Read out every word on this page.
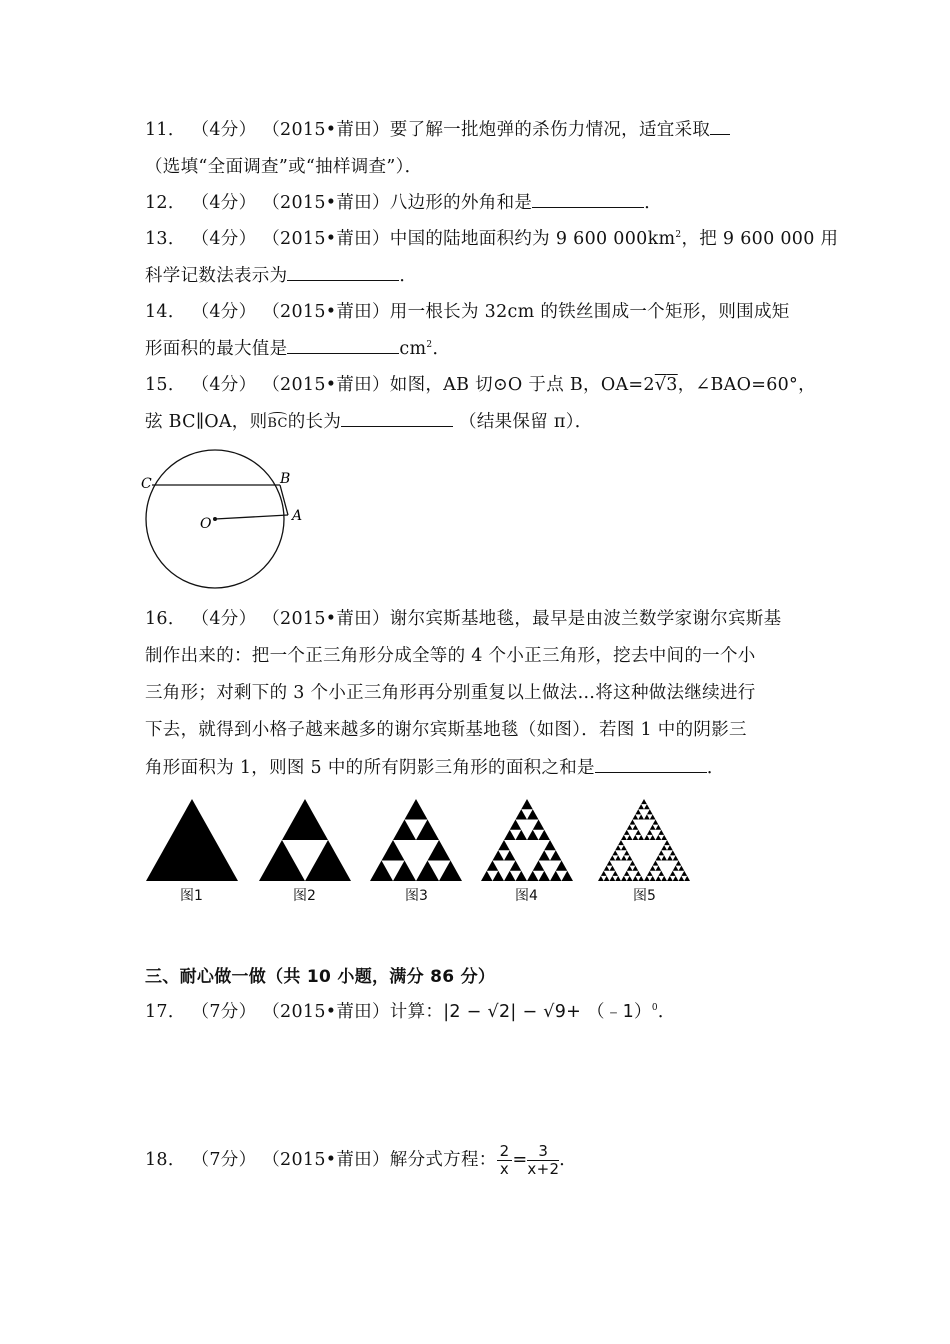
11． （4分） （2015•莆田）要了解一批炮弹的杀伤力情况，适宜采取
（选填“全面调查”或“抽样调查”）．
12． （4分） （2015•莆田）八边形的外角和是	．
13． （4分） （2015•莆田）中国的陆地面积约为 9 600 $000km^2$，把 9 600 000 用
科学记数法表示为	．
14． （4分） （2015•莆田）用一根长为 32cm 的铁丝围成一个矩形，则围成矩
形面积的最大值是	$cm^2$．
15． （4分） （2015•莆田）如图，AB 切⊙O 于点 B，OA=2√3，∠BAO=60°，
弦 BC∥OA，则BC的长为	（结果保留 π）．
C	B
O	A
16． （4分） （2015•莆田）谢尔宾斯基地毯，最早是由波兰数学家谢尔宾斯基
制作出来的：把一个正三角形分成全等的 4 个小正三角形，挖去中间的一个小
三角形；对剩下的 3 个小正三角形再分别重复以上做法…将这种做法继续进行
下去，就得到小格子越来越多的谢尔宾斯基地毯（如图）．若图 1 中的阴影三
角形面积为 1，则图 5 中的所有阴影三角形的面积之和是	．
图1	图2	图3	图4	图5
三、耐心做一做（共 10 小题，满分 86 分）
17． （7分） （2015•莆田）计算：|2 − √2| − √9+ （﹣1）$^0$．
18． （7分） （2015•莆田）解分式方程： $\frac{2}{x} = \frac{3}{x+2}$ ．
